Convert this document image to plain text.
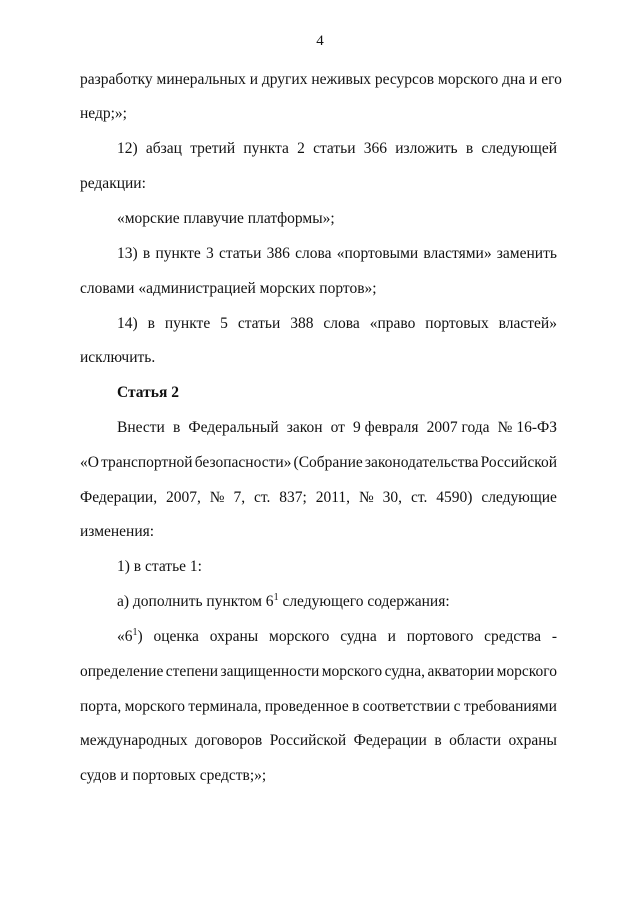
4
разработку минеральных и других неживых ресурсов морского дна и его
недр;»;
12) абзац третий пункта 2 статьи 366 изложить в следующей
редакции:
«морские плавучие платформы»;
13) в пункте 3 статьи 386 слова «портовыми властями» заменить
словами «администрацией морских портов»;
14) в пункте 5 статьи 388 слова «право портовых властей»
исключить.
Статья 2
Внести в Федеральный закон от 9 февраля 2007 года № 16-ФЗ
«О транспортной безопасности» (Собрание законодательства Российской
Федерации, 2007, № 7, ст. 837; 2011, № 30, ст. 4590) следующие
изменения:
1) в статье 1:
а) дополнить пунктом $6^1$ следующего содержания:
«$6^1$) оценка охраны морского судна и портового средства -
определение степени защищенности морского судна, акватории морского
порта, морского терминала, проведенное в соответствии с требованиями
международных договоров Российской Федерации в области охраны
судов и портовых средств;»;
